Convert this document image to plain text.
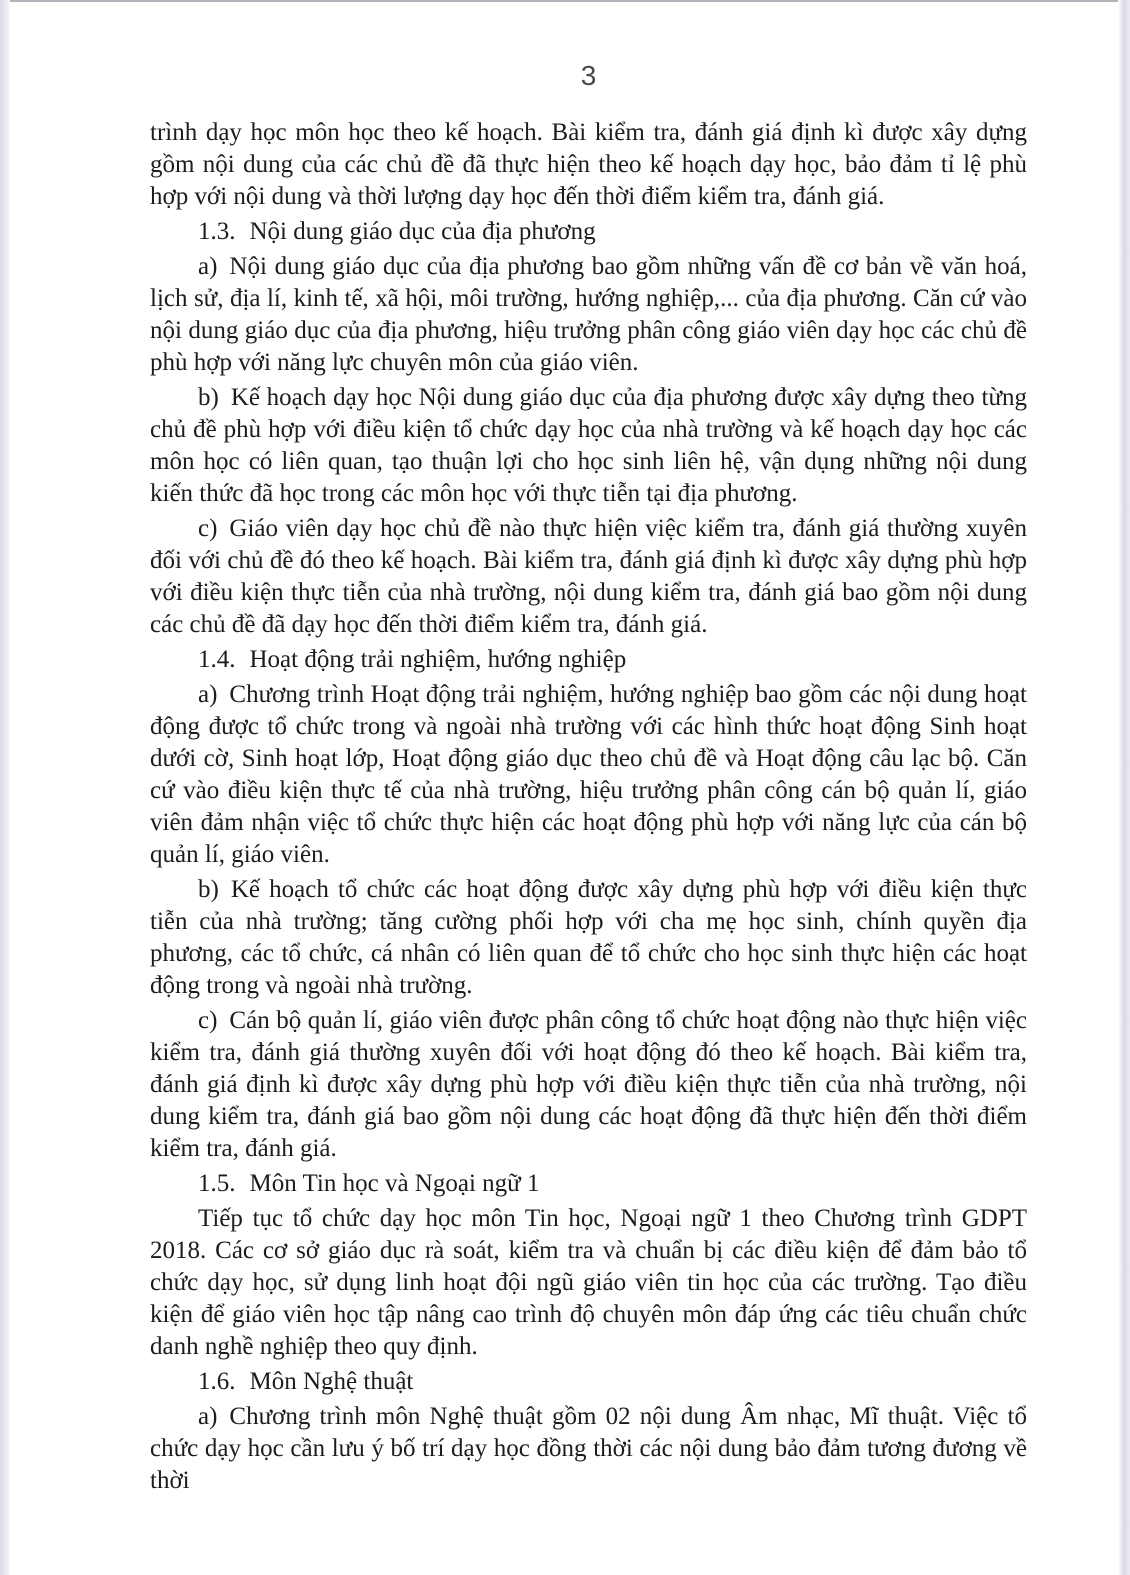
3

trình dạy học môn học theo kế hoạch. Bài kiểm tra, đánh giá định kì được xây dựng gồm nội dung của các chủ đề đã thực hiện theo kế hoạch dạy học, bảo đảm tỉ lệ phù hợp với nội dung và thời lượng dạy học đến thời điểm kiểm tra, đánh giá.

1.3. Nội dung giáo dục của địa phương

a) Nội dung giáo dục của địa phương bao gồm những vấn đề cơ bản về văn hoá, lịch sử, địa lí, kinh tế, xã hội, môi trường, hướng nghiệp,... của địa phương. Căn cứ vào nội dung giáo dục của địa phương, hiệu trưởng phân công giáo viên dạy học các chủ đề phù hợp với năng lực chuyên môn của giáo viên.

b) Kế hoạch dạy học Nội dung giáo dục của địa phương được xây dựng theo từng chủ đề phù hợp với điều kiện tổ chức dạy học của nhà trường và kế hoạch dạy học các môn học có liên quan, tạo thuận lợi cho học sinh liên hệ, vận dụng những nội dung kiến thức đã học trong các môn học với thực tiễn tại địa phương.

c) Giáo viên dạy học chủ đề nào thực hiện việc kiểm tra, đánh giá thường xuyên đối với chủ đề đó theo kế hoạch. Bài kiểm tra, đánh giá định kì được xây dựng phù hợp với điều kiện thực tiễn của nhà trường, nội dung kiểm tra, đánh giá bao gồm nội dung các chủ đề đã dạy học đến thời điểm kiểm tra, đánh giá.

1.4. Hoạt động trải nghiệm, hướng nghiệp

a) Chương trình Hoạt động trải nghiệm, hướng nghiệp bao gồm các nội dung hoạt động được tổ chức trong và ngoài nhà trường với các hình thức hoạt động Sinh hoạt dưới cờ, Sinh hoạt lớp, Hoạt động giáo dục theo chủ đề và Hoạt động câu lạc bộ. Căn cứ vào điều kiện thực tế của nhà trường, hiệu trưởng phân công cán bộ quản lí, giáo viên đảm nhận việc tổ chức thực hiện các hoạt động phù hợp với năng lực của cán bộ quản lí, giáo viên.

b) Kế hoạch tổ chức các hoạt động được xây dựng phù hợp với điều kiện thực tiễn của nhà trường; tăng cường phối hợp với cha mẹ học sinh, chính quyền địa phương, các tổ chức, cá nhân có liên quan để tổ chức cho học sinh thực hiện các hoạt động trong và ngoài nhà trường.

c) Cán bộ quản lí, giáo viên được phân công tổ chức hoạt động nào thực hiện việc kiểm tra, đánh giá thường xuyên đối với hoạt động đó theo kế hoạch. Bài kiểm tra, đánh giá định kì được xây dựng phù hợp với điều kiện thực tiễn của nhà trường, nội dung kiểm tra, đánh giá bao gồm nội dung các hoạt động đã thực hiện đến thời điểm kiểm tra, đánh giá.

1.5. Môn Tin học và Ngoại ngữ 1

Tiếp tục tổ chức dạy học môn Tin học, Ngoại ngữ 1 theo Chương trình GDPT 2018. Các cơ sở giáo dục rà soát, kiểm tra và chuẩn bị các điều kiện để đảm bảo tổ chức dạy học, sử dụng linh hoạt đội ngũ giáo viên tin học của các trường. Tạo điều kiện để giáo viên học tập nâng cao trình độ chuyên môn đáp ứng các tiêu chuẩn chức danh nghề nghiệp theo quy định.

1.6. Môn Nghệ thuật

a) Chương trình môn Nghệ thuật gồm 02 nội dung Âm nhạc, Mĩ thuật. Việc tổ chức dạy học cần lưu ý bố trí dạy học đồng thời các nội dung bảo đảm tương đương về thời
